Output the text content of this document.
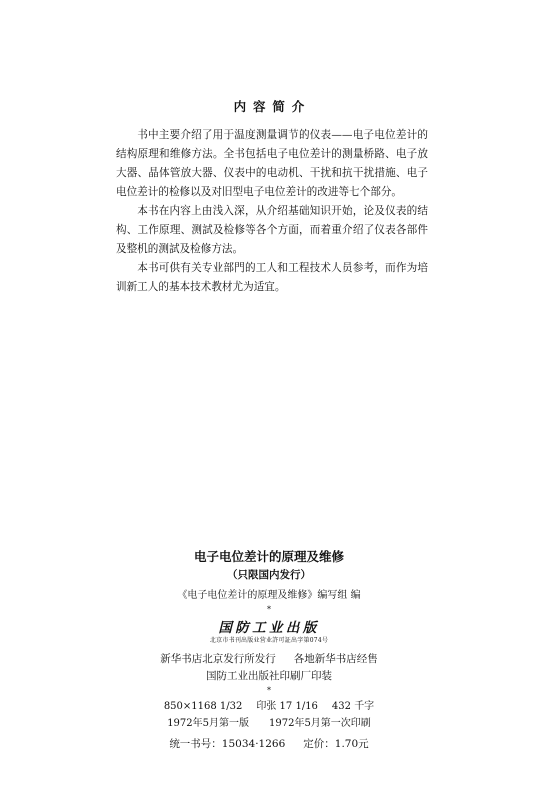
内容简介

书中主要介绍了用于温度测量调节的仪表——电子电位差计的结构原理和维修方法。全书包括电子电位差计的测量桥路、电子放大器、晶体管放大器、仪表中的电动机、干扰和抗干扰措施、电子电位差计的检修以及对旧型电子电位差计的改进等七个部分。

本书在内容上由浅入深，从介绍基础知识开始，论及仪表的结构、工作原理、测試及检修等各个方面，而着重介绍了仪表各部件及整机的测試及检修方法。

本书可供有关专业部門的工人和工程技术人员参考，而作为培训新工人的基本技术教材尤为适宜。

电子电位差计的原理及维修
（只限国内发行）
《电子电位差计的原理及维修》编写组 编
*
国防工业出版
北京市书刊出版业营业許可証出字第074号
新华书店北京发行所发行 各地新华书店经售
国防工业出版社印刷厂印装
*
850×1168 1/32 印张 17 1/16 432 千字
1972年5月第一版 1972年5月第一次印刷
统一书号：15034·1266 定价：1.70元
